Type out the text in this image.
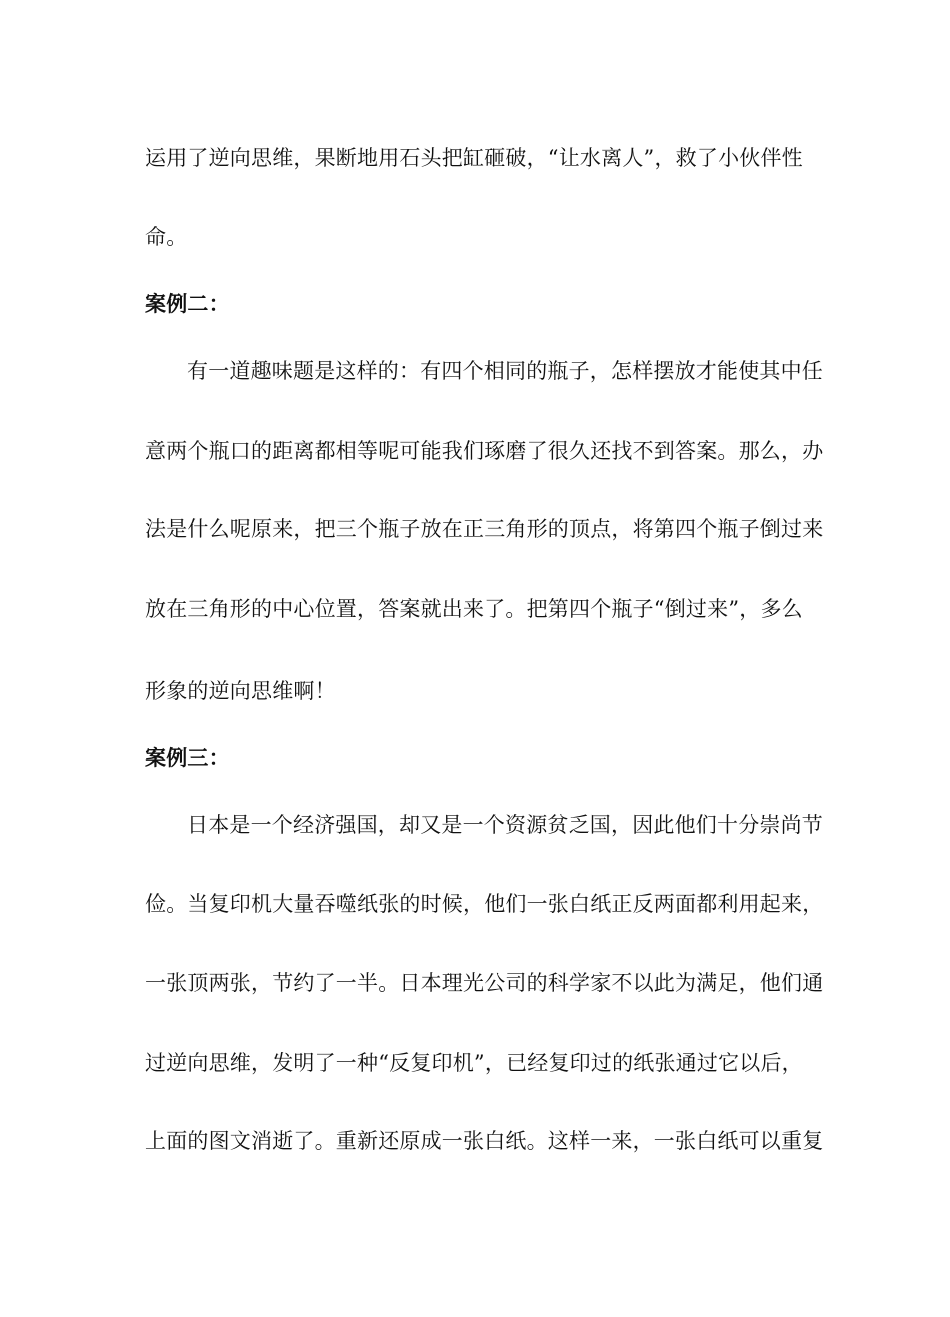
运用了逆向思维，果断地用石头把缸砸破，“让水离人”，救了小伙伴性
命。
案例二：
有一道趣味题是这样的：有四个相同的瓶子，怎样摆放才能使其中任
意两个瓶口的距离都相等呢可能我们琢磨了很久还找不到答案。那么，办
法是什么呢原来，把三个瓶子放在正三角形的顶点，将第四个瓶子倒过来
放在三角形的中心位置，答案就出来了。把第四个瓶子“倒过来”，多么
形象的逆向思维啊！
案例三：
日本是一个经济强国，却又是一个资源贫乏国，因此他们十分崇尚节
俭。当复印机大量吞噬纸张的时候，他们一张白纸正反两面都利用起来，
一张顶两张，节约了一半。日本理光公司的科学家不以此为满足，他们通
过逆向思维，发明了一种“反复印机”，已经复印过的纸张通过它以后，
上面的图文消逝了。重新还原成一张白纸。这样一来，一张白纸可以重复
